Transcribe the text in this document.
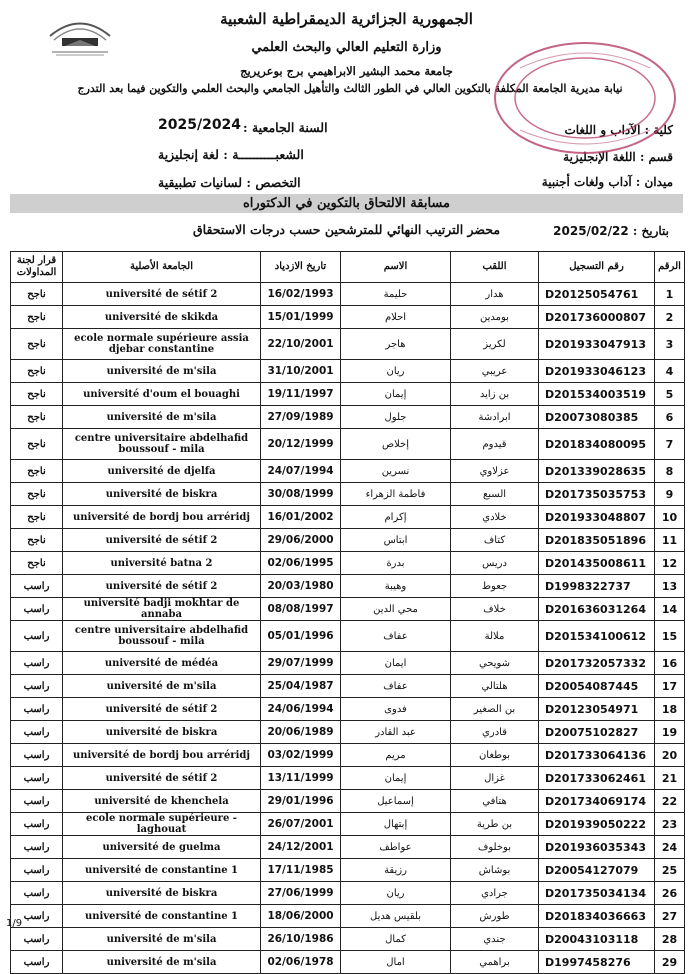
الجمهورية الجزائرية الديمقراطية الشعبية
وزارة التعليم العالي والبحث العلمي
جامعة محمد البشير الابراهيمي برج بوعريريج
نيابة مديرية الجامعة المكلفة بالتكوين العالي في الطور الثالث والتأهيل الجامعي والبحث العلمي والتكوين فيما بعد التدرج
السنة الجامعية :
2025/2024
الشعبــــــــــة : لغة إنجليزية
التخصص : لسانيات تطبيقية
كلية : الآداب و اللغات
قسم : اللغة الإنجليزية
ميدان : آداب ولغات أجنبية
مسابقة الالتحاق بالتكوين في الدكتوراه
محضر الترتيب النهائي للمترشحين حسب درجات الاستحقاق	بتاريخ : 2025/02/22
قرار لجنة المداولات	الجامعة الأصلية	تاريخ الازدياد	الاسم	اللقب	رقم التسجيل	الرقم
ناجح	université de sétif 2	16/02/1993	حليمة	هدار	D20125054761	1
ناجح	université de skikda	15/01/1999	احلام	بومدين	D201736000807	2
ناجح	ecole normale supérieure assia djebar constantine	22/10/2001	هاجر	لكريز	D201933047913	3
ناجح	université de m'sila	31/10/2001	ريان	عريبي	D201933046123	4
ناجح	université d'oum el bouaghi	19/11/1997	إيمان	بن زايد	D201534003519	5
ناجح	université de m'sila	27/09/1989	جلول	ابرادشة	D20073080385	6
ناجح	centre universitaire abdelhafid boussouf - mila	20/12/1999	إخلاص	قيدوم	D201834080095	7
ناجح	université de djelfa	24/07/1994	نسرين	عزلاوي	D201339028635	8
ناجح	université de biskra	30/08/1999	فاطمة الزهراء	السبع	D201735035753	9
ناجح	université de bordj bou arréridj	16/01/2002	إكرام	خلادي	D201933048807	10
ناجح	université de sétif 2	29/06/2000	ابتاس	كتاف	D201835051896	11
ناجح	université batna 2	02/06/1995	بدرة	دريس	D201435008611	12
راسب	université de sétif 2	20/03/1980	وهيبة	جعوط	D1998322737	13
راسب	université badji mokhtar de annaba	08/08/1997	محي الدين	خلاف	D201636031264	14
راسب	centre universitaire abdelhafid boussouf - mila	05/01/1996	عفاف	ملالة	D201534100612	15
راسب	université de médéa	29/07/1999	ايمان	شويحي	D201732057332	16
راسب	université de m'sila	25/04/1987	عفاف	هلتالي	D20054087445	17
راسب	université de sétif 2	24/06/1994	فدوى	بن الصغير	D20123054971	18
راسب	université de biskra	20/06/1989	عبد القادر	قادري	D20075102827	19
راسب	université de bordj bou arréridj	03/02/1999	مريم	بوطغان	D201733064136	20
راسب	université de sétif 2	13/11/1999	إيمان	غزال	D201733062461	21
راسب	université de khenchela	29/01/1996	إسماعيل	هتافي	D201734069174	22
راسب	ecole normale supérieure - laghouat	26/07/2001	إبتهال	بن طرية	D201939050222	23
راسب	université de guelma	24/12/2001	عواطف	بوخلوف	D201936035343	24
راسب	université de constantine 1	17/11/1985	رزيقة	بوشاش	D20054127079	25
راسب	université de biskra	27/06/1999	ريان	جرادي	D201735034134	26
راسب	université de constantine 1	18/06/2000	بلقيس هديل	طورش	D201834036663	27
راسب	université de m'sila	26/10/1986	كمال	جندي	D20043103118	28
راسب	université de m'sila	02/06/1978	امال	براهمي	D1997458276	29
1/9
